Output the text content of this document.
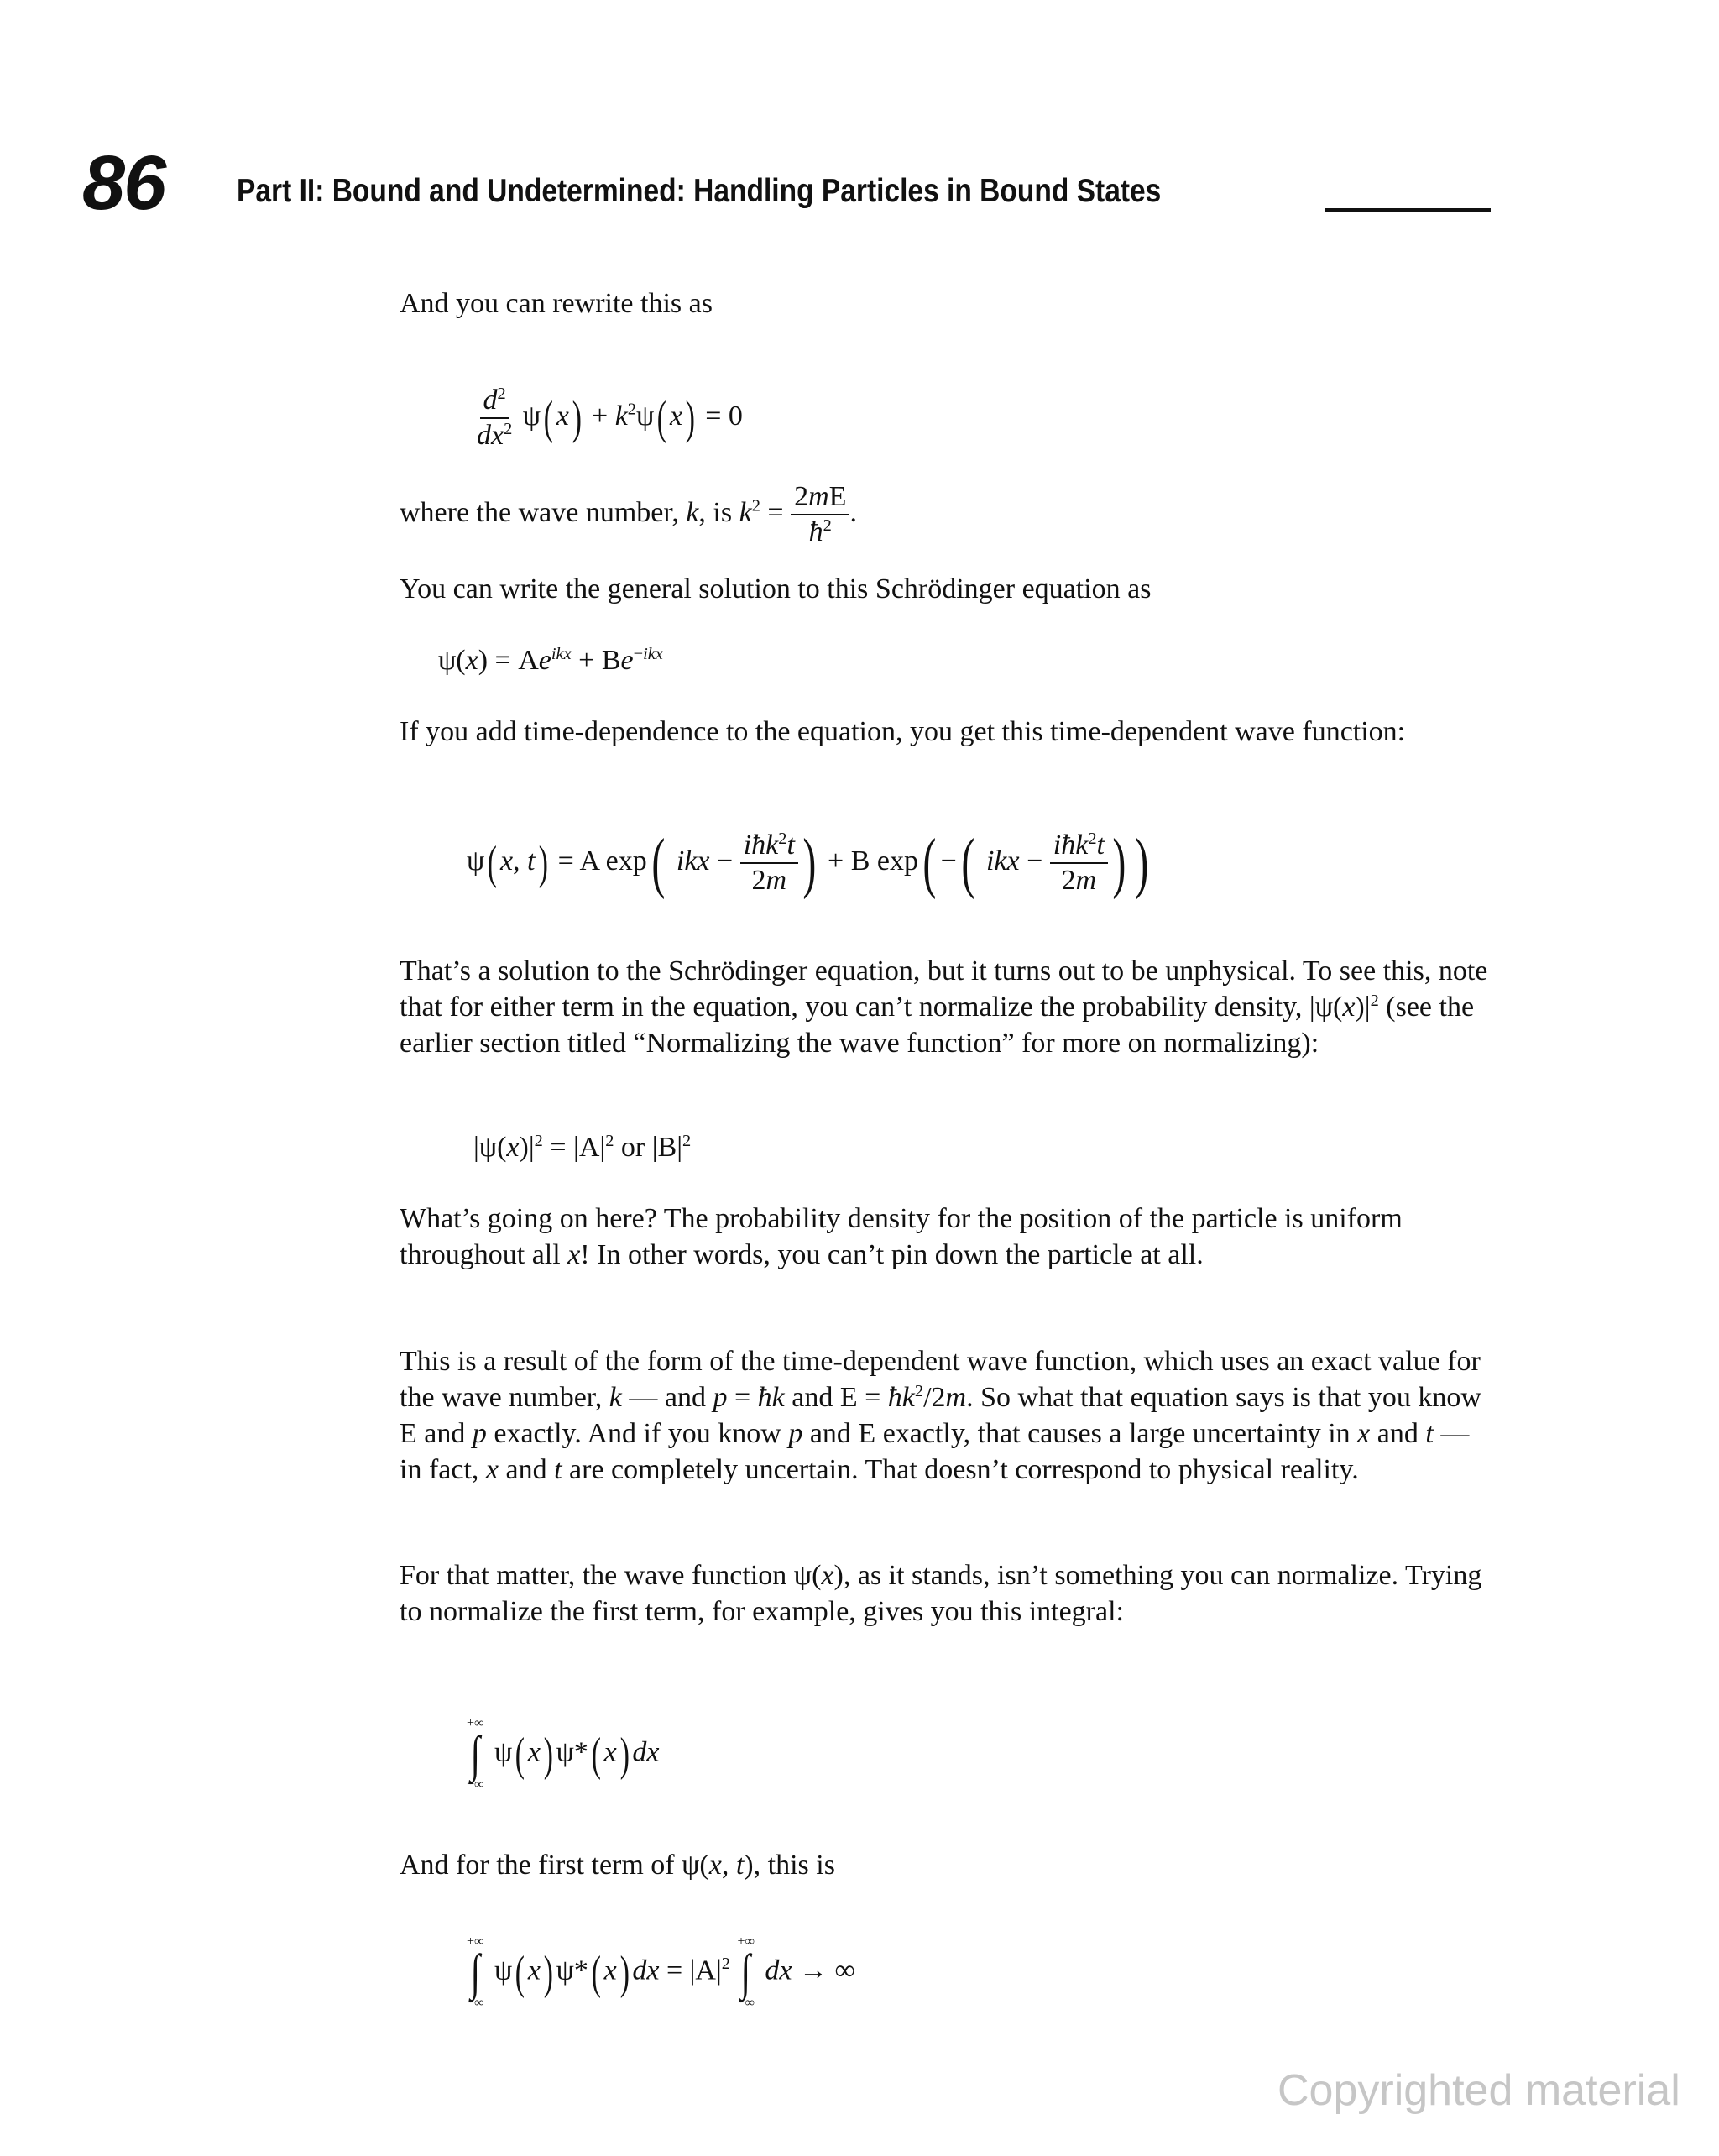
86 Part II: Bound and Undetermined: Handling Particles in Bound States

And you can rewrite this as

$\frac{d^2}{dx^2} \psi$( $x) + k^2\psi$( x) = 0
where the wave number, k, is $k^2 = \frac{2mE}{ħ^2}$ .

You can write the general solution to this Schrödinger equation as

$\psi(x) = Ae^{ikx} + Be^{-ikx}$

If you add time-dependence to the equation, you get this time-dependent wave function:

ψ( x, t) = A exp( ikx − $\frac{iħk^2t}{2m}$ ) + B exp( −( ikx − $\frac{iħk^2t}{2m}$ ) )

That’s a solution to the Schrödinger equation, but it turns out to be unphysical. To see this, note that for either term in the equation, you can’t normalize the probability density, $|\psi(x)|^2$ (see the earlier section titled “Normalizing the wave function” for more on normalizing):

$|\psi(x)|^2 = |A|^2$ or $|B|^2$

What’s going on here? The probability density for the position of the particle is uniform throughout all x! In other words, you can’t pin down the particle at all.

This is a result of the form of the time-dependent wave function, which uses an exact value for the wave number, k — and p = ħk and $E = ħk^2/2m$. So what that equation says is that you know E and p exactly. And if you know p and E exactly, that causes a large uncertainty in x and t — in fact, x and t are completely uncertain. That doesn’t correspond to physical reality.

For that matter, the wave function ψ(x), as it stands, isn’t something you can normalize. Trying to normalize the first term, for example, gives you this integral:

+∞
∫
−∞
ψ( x) ψ*( x) dx

And for the first term of ψ(x, t), this is

+∞
∫
−∞
ψ( x) ψ*( x) dx = $|A|^2$
+∞
∫
−∞
dx → ∞
Copyrighted material
